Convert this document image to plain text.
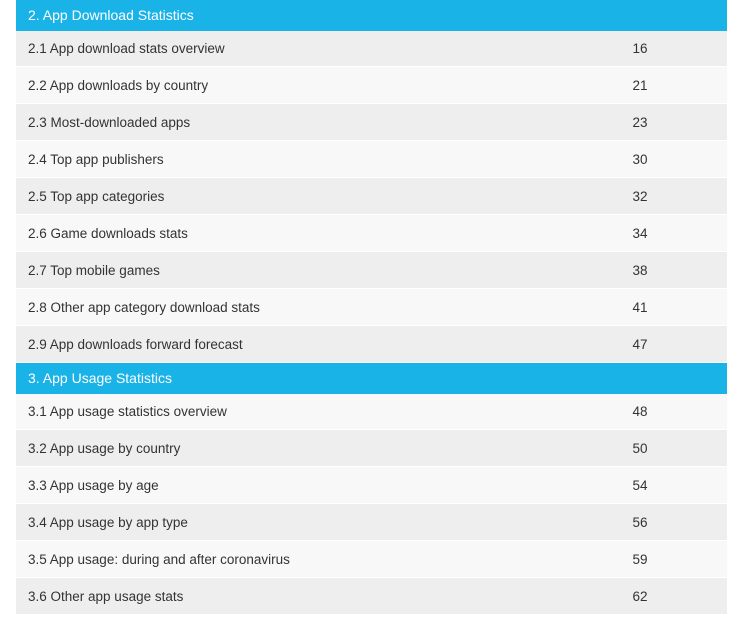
2. App Download Statistics
2.1 App download stats overview	16
2.2 App downloads by country	21
2.3 Most-downloaded apps	23
2.4 Top app publishers	30
2.5 Top app categories	32
2.6 Game downloads stats	34
2.7 Top mobile games	38
2.8 Other app category download stats	41
2.9 App downloads forward forecast	47
3. App Usage Statistics
3.1 App usage statistics overview	48
3.2 App usage by country	50
3.3 App usage by age	54
3.4 App usage by app type	56
3.5 App usage: during and after coronavirus	59
3.6 Other app usage stats	62
